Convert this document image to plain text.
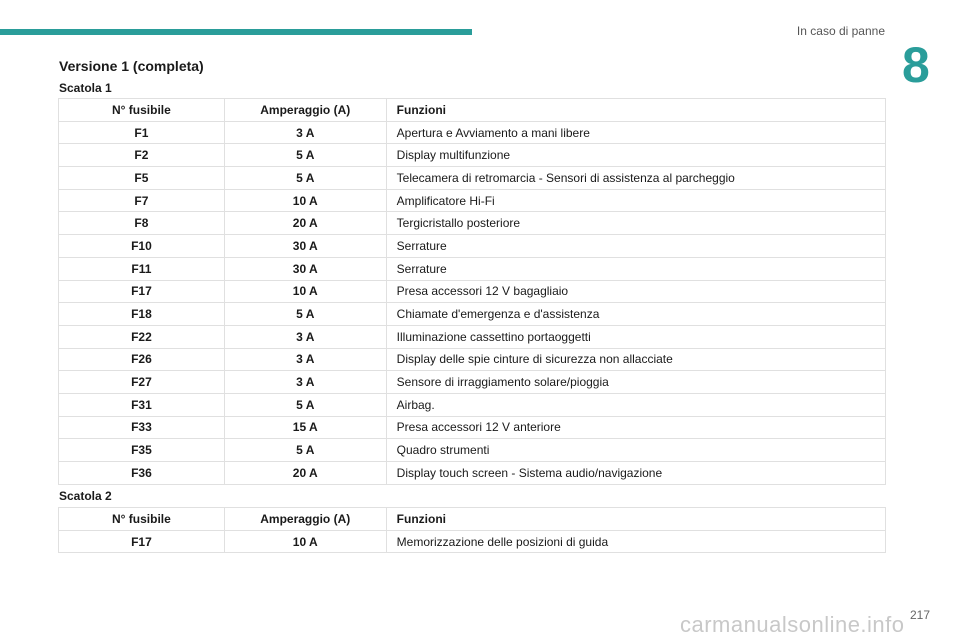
In caso di panne
8
Versione 1 (completa)
Scatola 1
N° fusibile	Amperaggio (A)	Funzioni
F1	3 A	Apertura e Avviamento a mani libere
F2	5 A	Display multifunzione
F5	5 A	Telecamera di retromarcia - Sensori di assistenza al parcheggio
F7	10 A	Amplificatore Hi-Fi
F8	20 A	Tergicristallo posteriore
F10	30 A	Serrature
F11	30 A	Serrature
F17	10 A	Presa accessori 12 V bagagliaio
F18	5 A	Chiamate d'emergenza e d'assistenza
F22	3 A	Illuminazione cassettino portaoggetti
F26	3 A	Display delle spie cinture di sicurezza non allacciate
F27	3 A	Sensore di irraggiamento solare/pioggia
F31	5 A	Airbag.
F33	15 A	Presa accessori 12 V anteriore
F35	5 A	Quadro strumenti
F36	20 A	Display touch screen - Sistema audio/navigazione
Scatola 2
N° fusibile	Amperaggio (A)	Funzioni
F17	10 A	Memorizzazione delle posizioni di guida
217
carmanualsonline.info
